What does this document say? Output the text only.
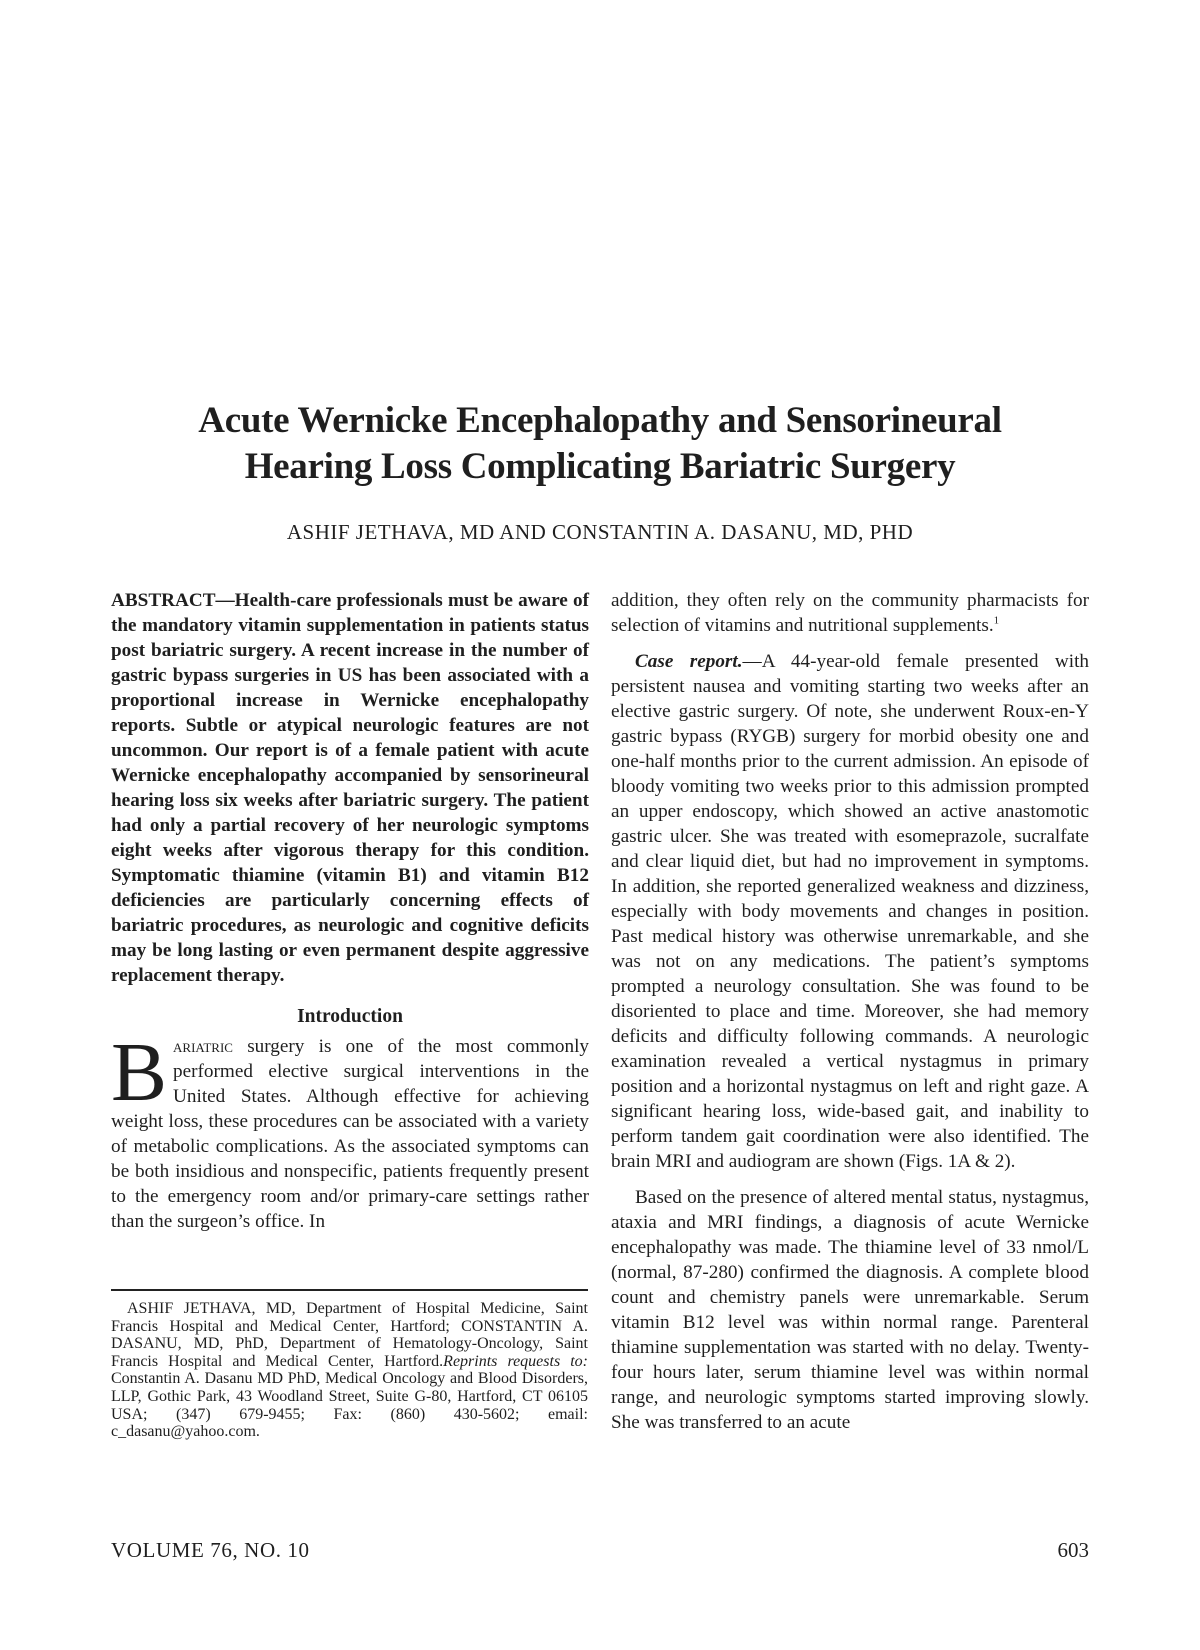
Acute Wernicke Encephalopathy and Sensorineural
Hearing Loss Complicating Bariatric Surgery
ASHIF JETHAVA, MD AND CONSTANTIN A. DASANU, MD, PHD

ABSTRACT—Health-care professionals must be aware of the mandatory vitamin supplementation in patients status post bariatric surgery. A recent increase in the number of gastric bypass surgeries in US has been associated with a proportional increase in Wernicke encephalopathy reports. Subtle or atypical neurologic features are not uncommon. Our report is of a female patient with acute Wernicke encephalopathy accompanied by sensorineural hearing loss six weeks after bariatric surgery. The patient had only a partial recovery of her neurologic symptoms eight weeks after vigorous therapy for this condition. Symptomatic thiamine (vitamin B1) and vitamin B12 deficiencies are particularly concerning effects of bariatric procedures, as neurologic and cognitive deficits may be long lasting or even permanent despite aggressive replacement therapy.

Introduction

Bariatric surgery is one of the most commonly performed elective surgical interventions in the United States. Although effective for achieving weight loss, these procedures can be associated with a variety of metabolic complications. As the associated symptoms can be both insidious and nonspecific, patients frequently present to the emergency room and/or primary-care settings rather than the surgeon’s office. In

addition, they often rely on the community pharmacists for selection of vitamins and nutritional supplements.$^1$

Case report.—A 44-year-old female presented with persistent nausea and vomiting starting two weeks after an elective gastric surgery. Of note, she underwent Roux-en-Y gastric bypass (RYGB) surgery for morbid obesity one and one-half months prior to the current admission. An episode of bloody vomiting two weeks prior to this admission prompted an upper endoscopy, which showed an active anastomotic gastric ulcer. She was treated with esomeprazole, sucralfate and clear liquid diet, but had no improvement in symptoms. In addition, she reported generalized weakness and dizziness, especially with body movements and changes in position. Past medical history was otherwise unremarkable, and she was not on any medications. The patient’s symptoms prompted a neurology consultation. She was found to be disoriented to place and time. Moreover, she had memory deficits and difficulty following commands. A neurologic examination revealed a vertical nystagmus in primary position and a horizontal nystagmus on left and right gaze. A significant hearing loss, wide-based gait, and inability to perform tandem gait coordination were also identified. The brain MRI and audiogram are shown (Figs. 1A & 2).

Based on the presence of altered mental status, nystagmus, ataxia and MRI findings, a diagnosis of acute Wernicke encephalopathy was made. The thiamine level of 33 nmol/L (normal, 87-280) confirmed the diagnosis. A complete blood count and chemistry panels were unremarkable. Serum vitamin B12 level was within normal range. Parenteral thiamine supplementation was started with no delay. Twenty-four hours later, serum thiamine level was within normal range, and neurologic symptoms started improving slowly. She was transferred to an acute

ASHIF JETHAVA, MD, Department of Hospital Medicine, Saint Francis Hospital and Medical Center, Hartford; CONSTANTIN A. DASANU, MD, PhD, Department of Hematology-Oncology, Saint Francis Hospital and Medical Center, Hartford.Reprints requests to: Constantin A. Dasanu MD PhD, Medical Oncology and Blood Disorders, LLP, Gothic Park, 43 Woodland Street, Suite G-80, Hartford, CT 06105 USA; (347) 679-9455; Fax: (860) 430-5602; email: c_dasanu@yahoo.com.
VOLUME 76, NO. 10	603
